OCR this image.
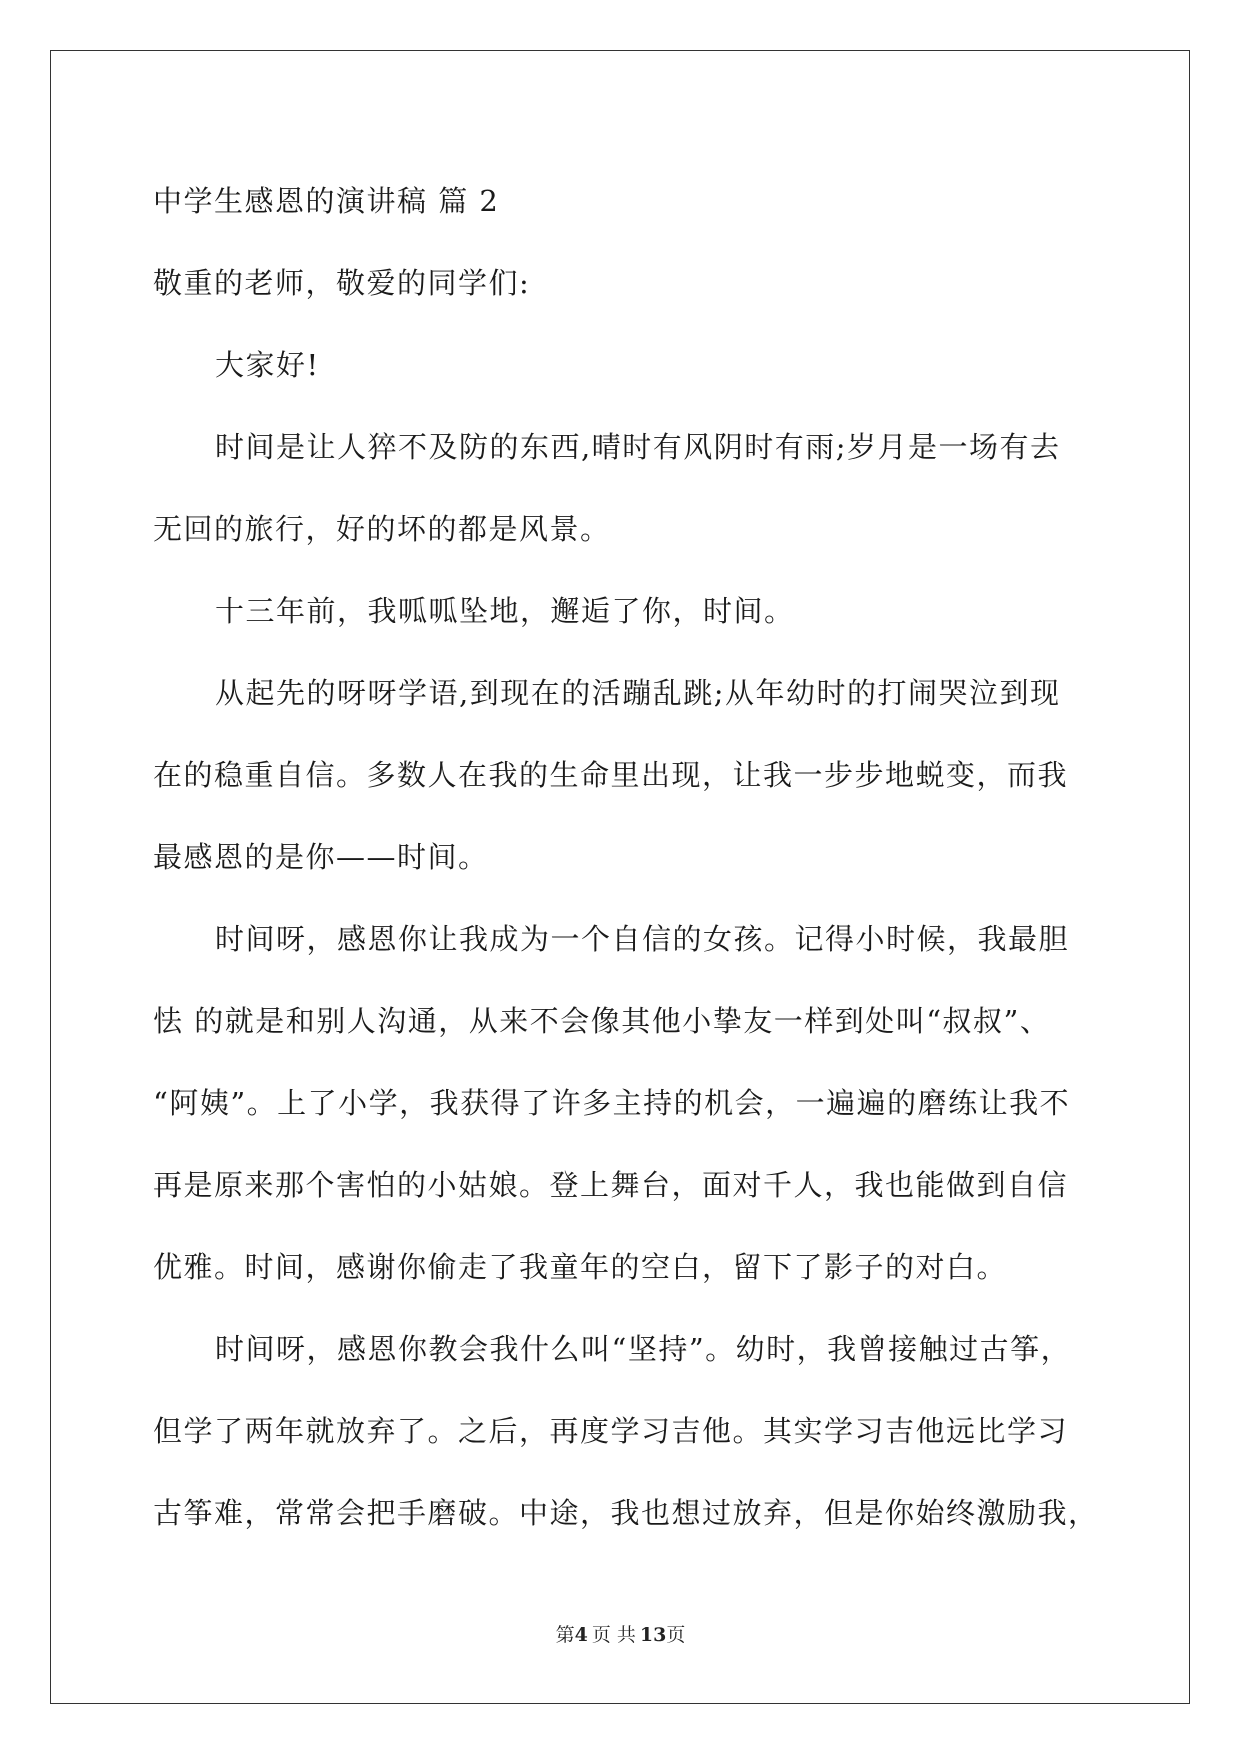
中学生感恩的演讲稿 篇 2
敬重的老师，敬爱的同学们:
大家好!
时间是让人猝不及防的东西,晴时有风阴时有雨;岁月是一场有去
无回的旅行，好的坏的都是风景。
十三年前，我呱呱坠地，邂逅了你，时间。
从起先的呀呀学语,到现在的活蹦乱跳;从年幼时的打闹哭泣到现
在的稳重自信。多数人在我的生命里出现，让我一步步地蜕变，而我
最感恩的是你——时间。
时间呀，感恩你让我成为一个自信的女孩。记得小时候，我最胆
怯 的就是和别人沟通，从来不会像其他小挚友一样到处叫“叔叔”、
“阿姨”。上了小学，我获得了许多主持的机会，一遍遍的磨练让我不
再是原来那个害怕的小姑娘。登上舞台，面对千人，我也能做到自信
优雅。时间，感谢你偷走了我童年的空白，留下了影子的对白。
时间呀，感恩你教会我什么叫“坚持”。幼时，我曾接触过古筝，
但学了两年就放弃了。之后，再度学习吉他。其实学习吉他远比学习
古筝难，常常会把手磨破。中途，我也想过放弃，但是你始终激励我，
第4 页 共 13页
